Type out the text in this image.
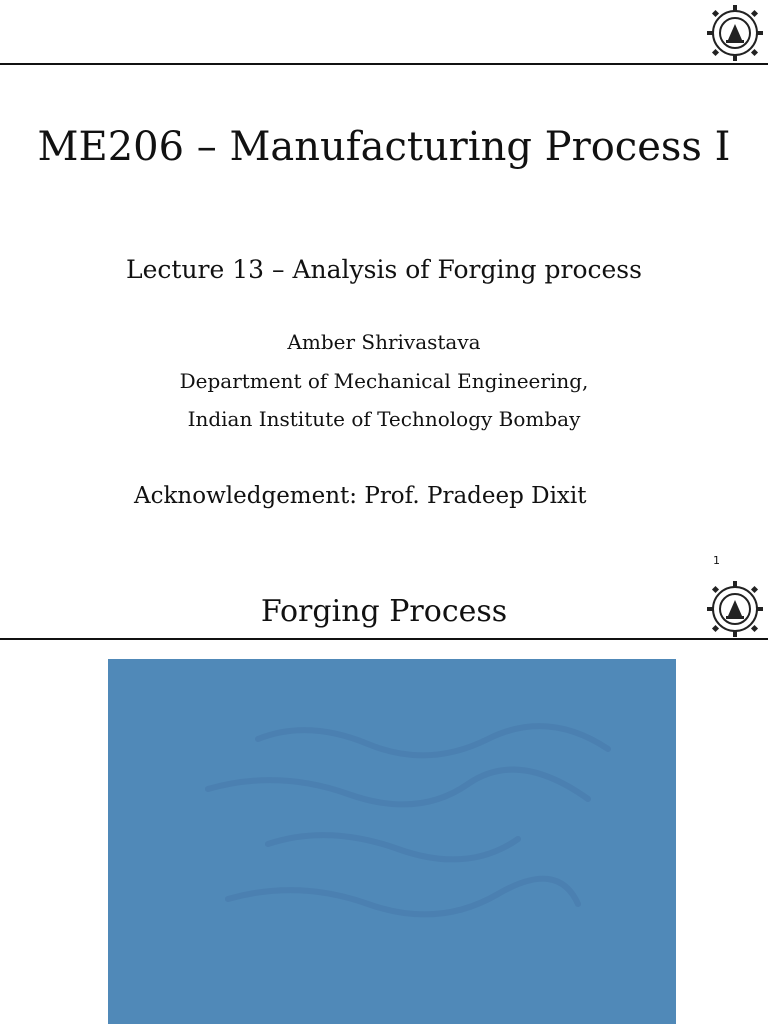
ME206 – Manufacturing Process I
Lecture 13 – Analysis of Forging process
Amber Shrivastava
Department of Mechanical Engineering,
Indian Institute of Technology Bombay
Acknowledgement: Prof. Pradeep Dixit
1
Forging Process
